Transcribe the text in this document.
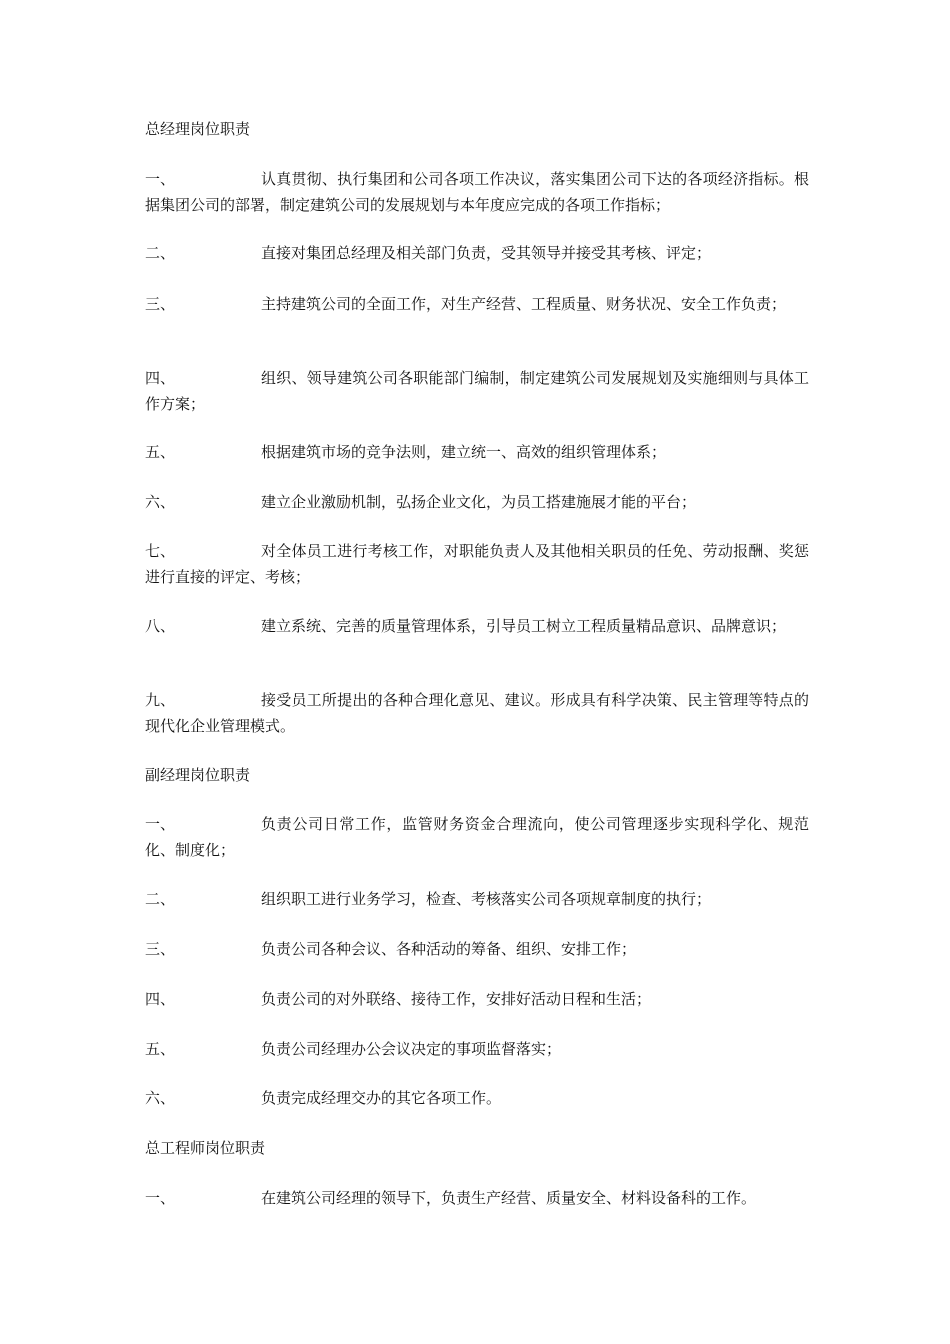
总经理岗位职责
一、	认真贯彻、执行集团和公司各项工作决议，落实集团公司下达的各项经济指标。根据集团公司的部署，制定建筑公司的发展规划与本年度应完成的各项工作指标；
二、	直接对集团总经理及相关部门负责，受其领导并接受其考核、评定；
三、	主持建筑公司的全面工作，对生产经营、工程质量、财务状况、安全工作负责；
四、	组织、领导建筑公司各职能部门编制，制定建筑公司发展规划及实施细则与具体工作方案；
五、	根据建筑市场的竞争法则，建立统一、高效的组织管理体系；
六、	建立企业激励机制，弘扬企业文化，为员工搭建施展才能的平台；
七、	对全体员工进行考核工作，对职能负责人及其他相关职员的任免、劳动报酬、奖惩进行直接的评定、考核；
八、	建立系统、完善的质量管理体系，引导员工树立工程质量精品意识、品牌意识；
九、	接受员工所提出的各种合理化意见、建议。形成具有科学决策、民主管理等特点的现代化企业管理模式。
副经理岗位职责
一、	负责公司日常工作，监管财务资金合理流向，使公司管理逐步实现科学化、规范化、制度化；
二、	组织职工进行业务学习，检查、考核落实公司各项规章制度的执行；
三、	负责公司各种会议、各种活动的筹备、组织、安排工作；
四、	负责公司的对外联络、接待工作，安排好活动日程和生活；
五、	负责公司经理办公会议决定的事项监督落实；
六、	负责完成经理交办的其它各项工作。
总工程师岗位职责
一、	在建筑公司经理的领导下，负责生产经营、质量安全、材料设备科的工作。
